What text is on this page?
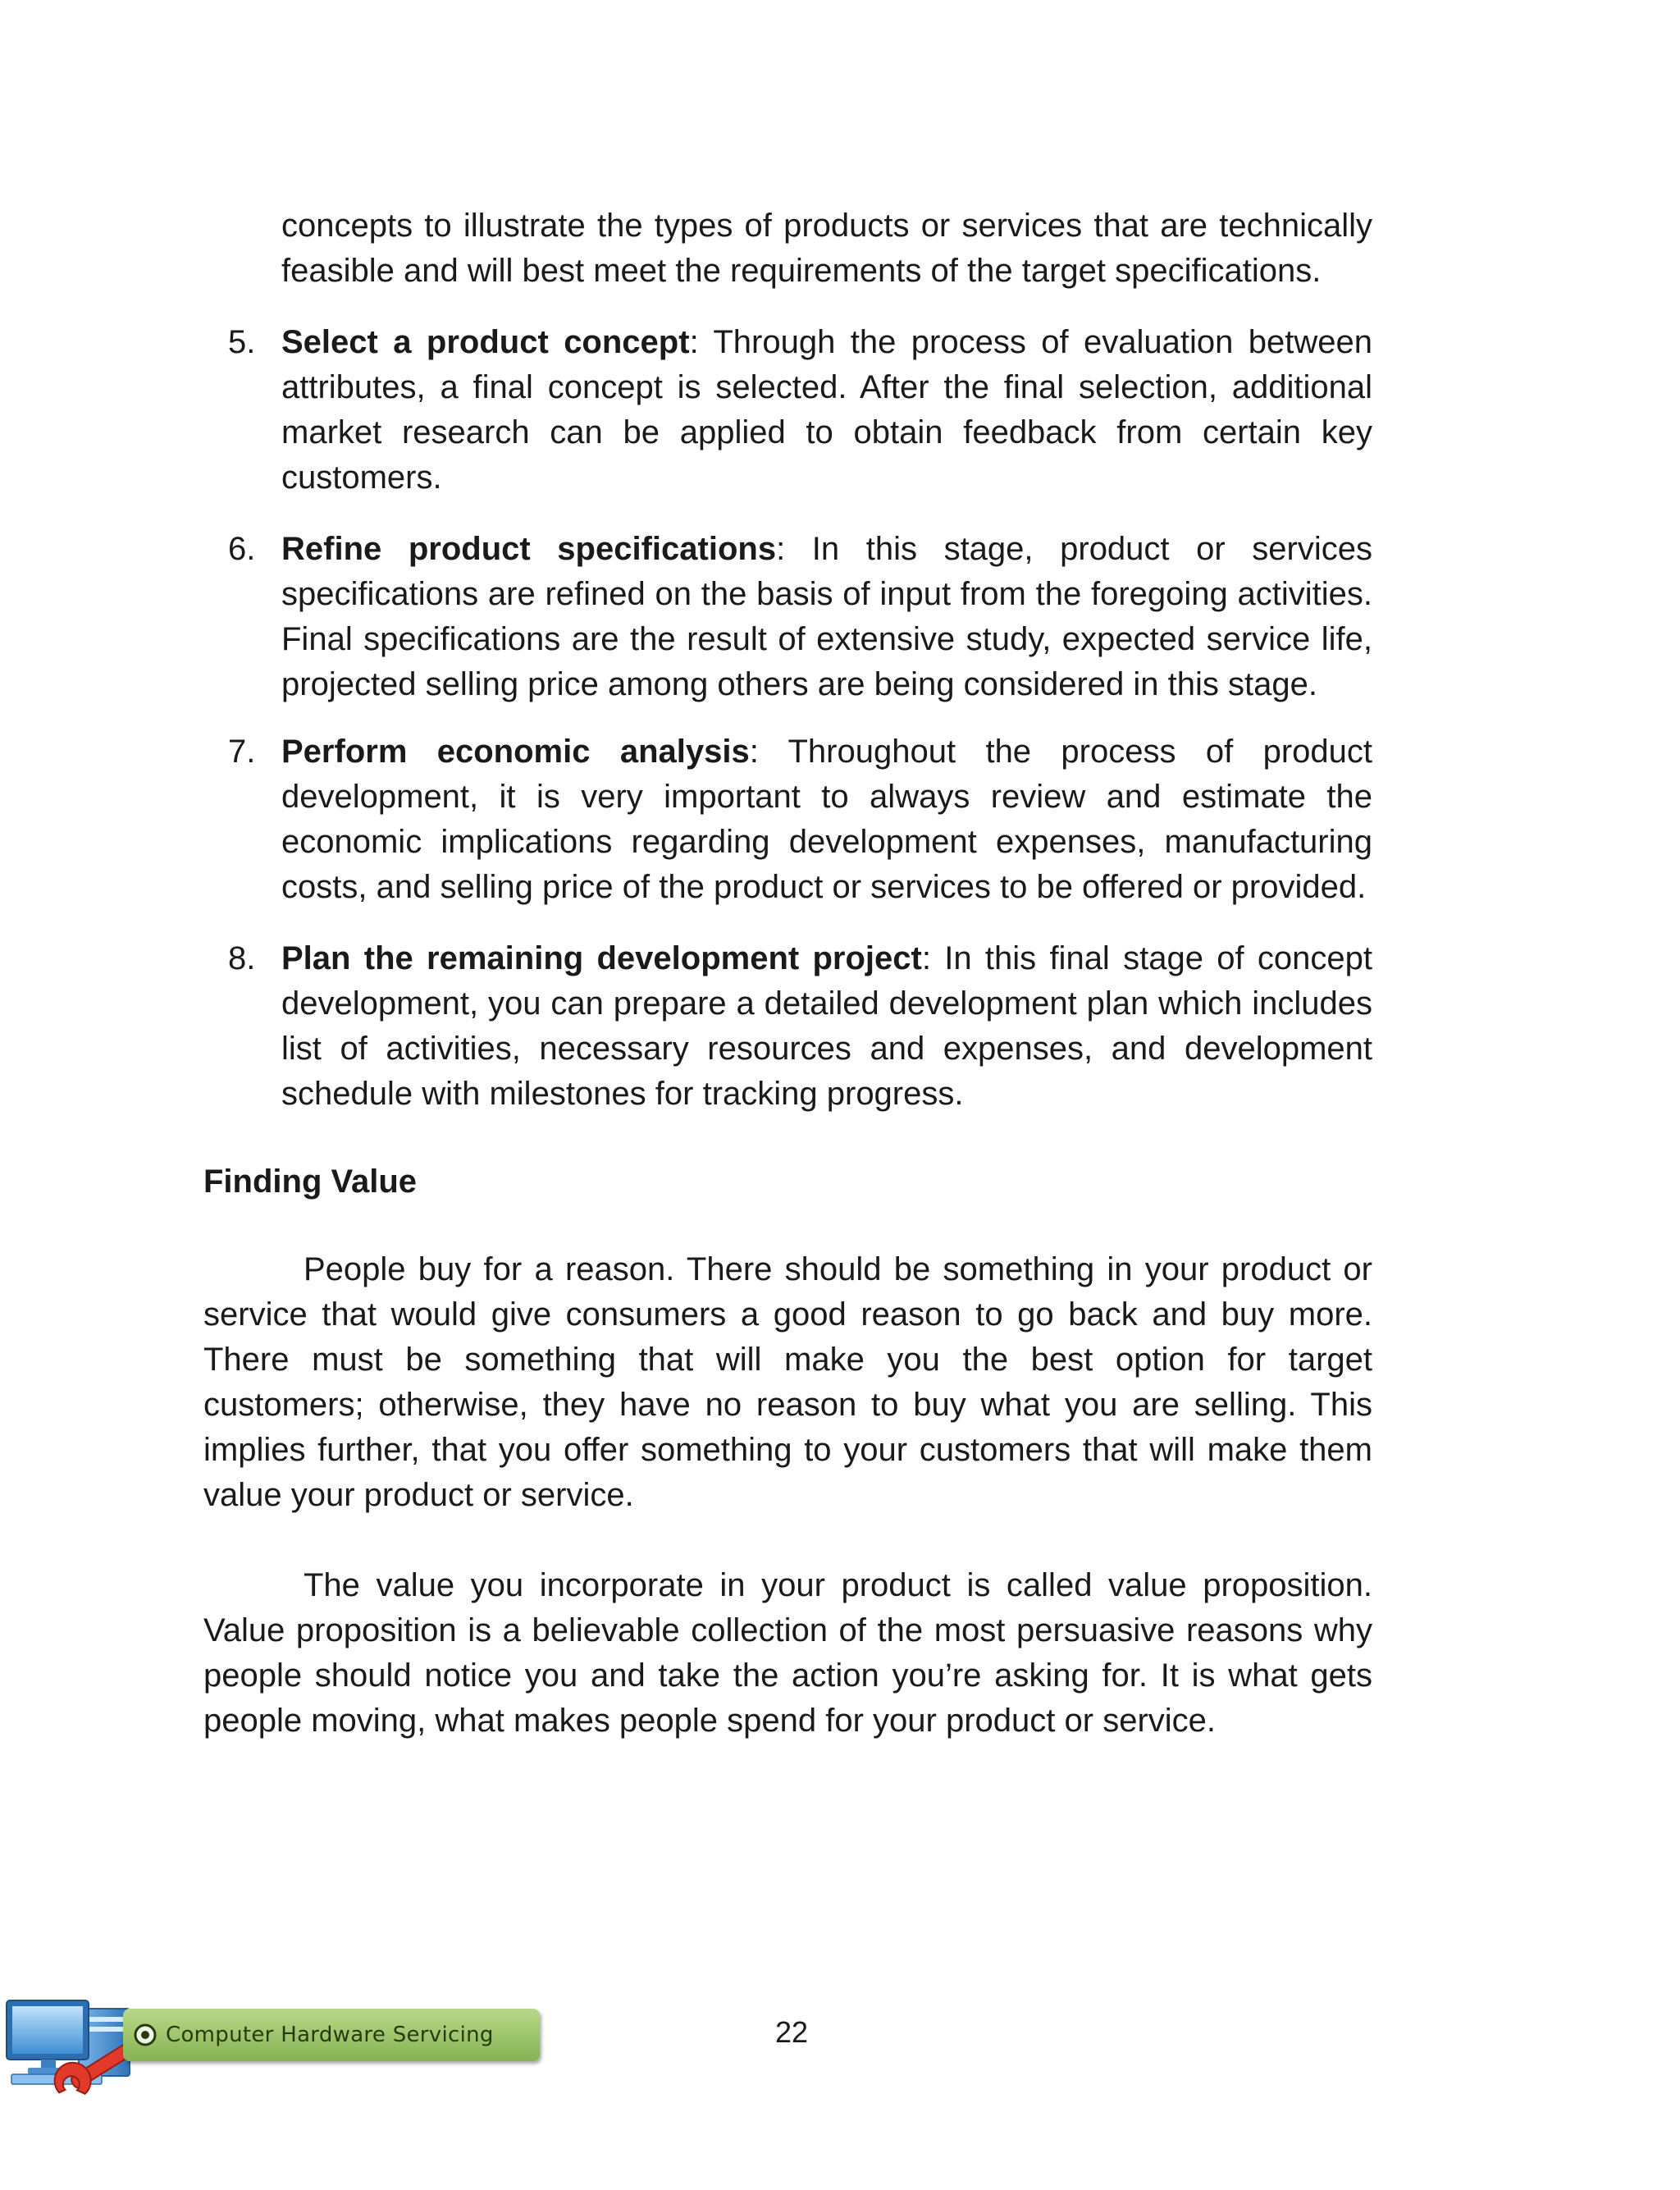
concepts to illustrate the types of products or services that are technically feasible and will best meet the requirements of the target specifications.
5. Select a product concept: Through the process of evaluation between attributes, a final concept is selected. After the final selection, additional market research can be applied to obtain feedback from certain key customers.
6. Refine product specifications: In this stage, product or services specifications are refined on the basis of input from the foregoing activities. Final specifications are the result of extensive study, expected service life, projected selling price among others are being considered in this stage.
7. Perform economic analysis: Throughout the process of product development, it is very important to always review and estimate the economic implications regarding development expenses, manufacturing costs, and selling price of the product or services to be offered or provided.
8. Plan the remaining development project: In this final stage of concept development, you can prepare a detailed development plan which includes list of activities, necessary resources and expenses, and development schedule with milestones for tracking progress.
Finding Value
People buy for a reason. There should be something in your product or service that would give consumers a good reason to go back and buy more. There must be something that will make you the best option for target customers; otherwise, they have no reason to buy what you are selling. This implies further, that you offer something to your customers that will make them value your product or service.
The value you incorporate in your product is called value proposition. Value proposition is a believable collection of the most persuasive reasons why people should notice you and take the action you’re asking for. It is what gets people moving, what makes people spend for your product or service.
Computer Hardware Servicing	22
